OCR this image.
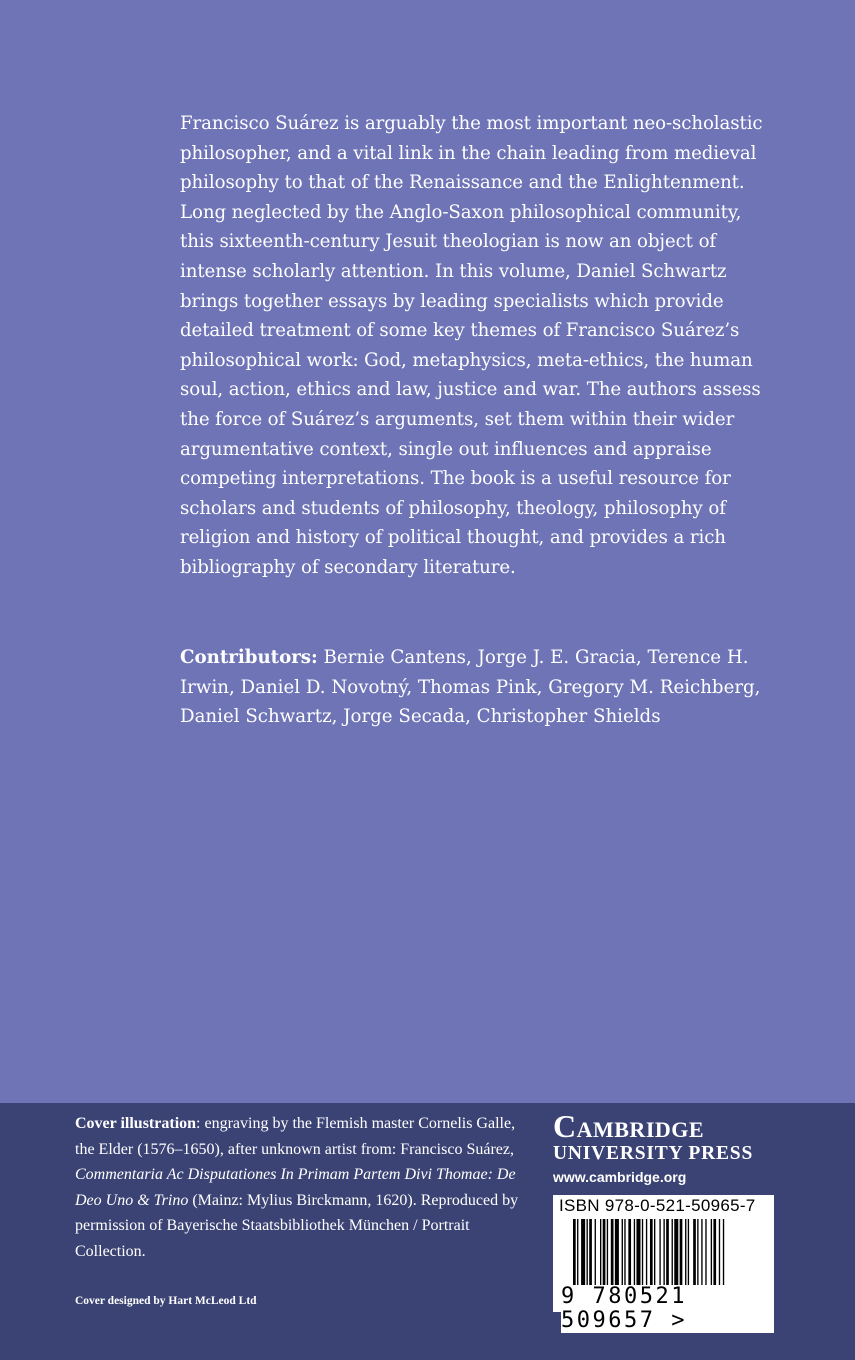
Francisco Suárez is arguably the most important neo-scholastic philosopher, and a vital link in the chain leading from medieval philosophy to that of the Renaissance and the Enlightenment. Long neglected by the Anglo-Saxon philosophical community, this sixteenth-century Jesuit theologian is now an object of intense scholarly attention. In this volume, Daniel Schwartz brings together essays by leading specialists which provide detailed treatment of some key themes of Francisco Suárez’s philosophical work: God, metaphysics, meta-ethics, the human soul, action, ethics and law, justice and war. The authors assess the force of Suárez’s arguments, set them within their wider argumentative context, single out influences and appraise competing interpretations. The book is a useful resource for scholars and students of philosophy, theology, philosophy of religion and history of political thought, and provides a rich bibliography of secondary literature.

Contributors: Bernie Cantens, Jorge J. E. Gracia, Terence H. Irwin, Daniel D. Novotný, Thomas Pink, Gregory M. Reichberg, Daniel Schwartz, Jorge Secada, Christopher Shields
Cover illustration: engraving by the Flemish master Cornelis Galle, the Elder (1576–1650), after unknown artist from: Francisco Suárez, Commentaria Ac Disputationes In Primam Partem Divi Thomae: De Deo Uno & Trino (Mainz: Mylius Birckmann, 1620). Reproduced by permission of Bayerische Staatsbibliothek München / Portrait Collection.
Cover designed by Hart McLeod Ltd
Cambridge
UNIVERSITY PRESS
www.cambridge.org
ISBN 978-0-521-50965-7
9 780521 509657 >
